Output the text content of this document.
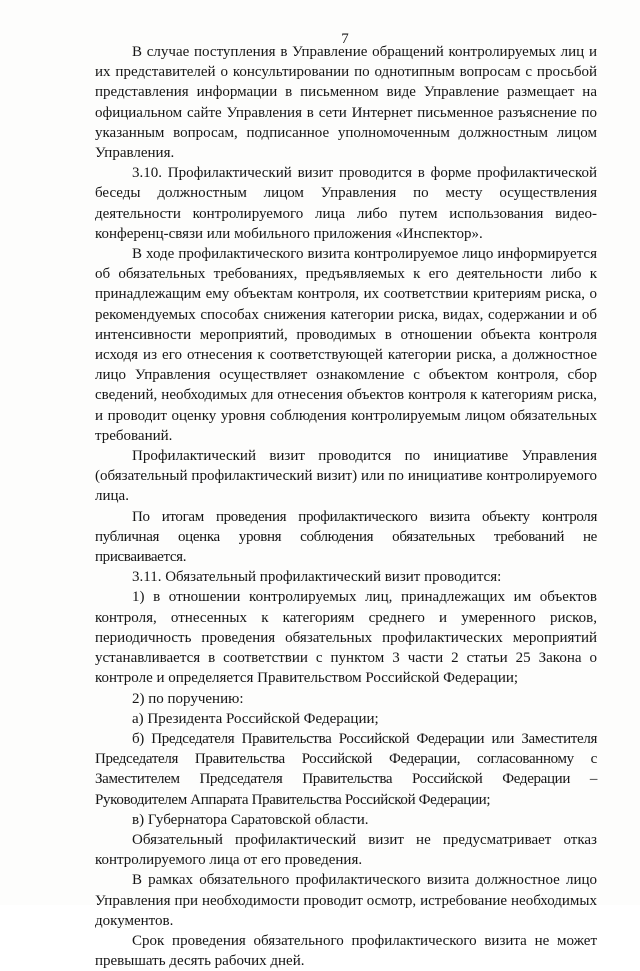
7

В случае поступления в Управление обращений контролируемых лиц и их представителей о консультировании по однотипным вопросам с просьбой представления информации в письменном виде Управление размещает на официальном сайте Управления в сети Интернет письменное разъяснение по указанным вопросам, подписанное уполномоченным должностным лицом Управления.

3.10. Профилактический визит проводится в форме профилактической беседы должностным лицом Управления по месту осуществления деятельности контролируемого лица либо путем использования видео-конференц-связи или мобильного приложения «Инспектор».

В ходе профилактического визита контролируемое лицо информируется об обязательных требованиях, предъявляемых к его деятельности либо к принадлежащим ему объектам контроля, их соответствии критериям риска, о рекомендуемых способах снижения категории риска, видах, содержании и об интенсивности мероприятий, проводимых в отношении объекта контроля исходя из его отнесения к соответствующей категории риска, а должностное лицо Управления осуществляет ознакомление с объектом контроля, сбор сведений, необходимых для отнесения объектов контроля к категориям риска, и проводит оценку уровня соблюдения контролируемым лицом обязательных требований.

Профилактический визит проводится по инициативе Управления (обязательный профилактический визит) или по инициативе контролируемого лица.

По итогам проведения профилактического визита объекту контроля публичная оценка уровня соблюдения обязательных требований не присваивается.

3.11. Обязательный профилактический визит проводится:

1) в отношении контролируемых лиц, принадлежащих им объектов контроля, отнесенных к категориям среднего и умеренного рисков, периодичность проведения обязательных профилактических мероприятий устанавливается в соответствии с пунктом 3 части 2 статьи 25 Закона о контроле и определяется Правительством Российской Федерации;

2) по поручению:

а) Президента Российской Федерации;

б) Председателя Правительства Российской Федерации или Заместителя Председателя Правительства Российской Федерации, согласованному с Заместителем Председателя Правительства Российской Федерации – Руководителем Аппарата Правительства Российской Федерации;

в) Губернатора Саратовской области.

Обязательный профилактический визит не предусматривает отказ контролируемого лица от его проведения.

В рамках обязательного профилактического визита должностное лицо Управления при необходимости проводит осмотр, истребование необходимых документов.

Срок проведения обязательного профилактического визита не может превышать десять рабочих дней.
